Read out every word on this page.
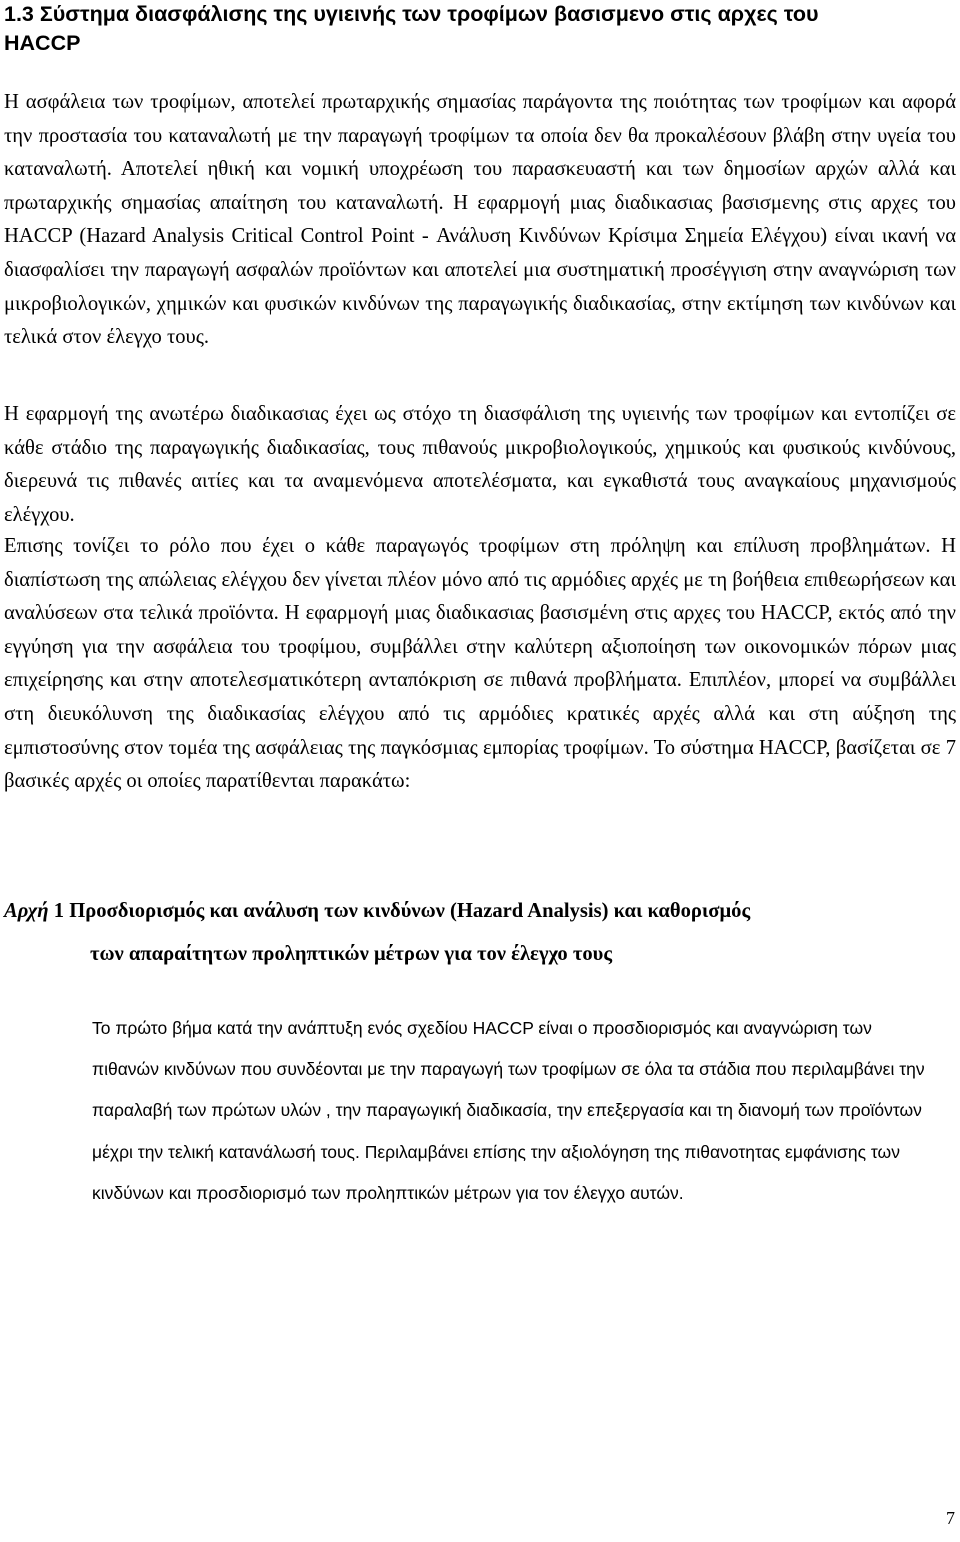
1.3 Σύστημα διασφάλισης της υγιεινής των τροφίμων βασισμενο στις αρχες του
HACCP

Η ασφάλεια των τροφίμων, αποτελεί πρωταρχικής σημασίας παράγοντα της ποιότητας των τροφίμων και αφορά την προστασία του καταναλωτή με την παραγωγή τροφίμων τα οποία δεν θα προκαλέσουν βλάβη στην υγεία του καταναλωτή. Αποτελεί ηθική και νομική υποχρέωση του παρασκευαστή και των δημοσίων αρχών αλλά και πρωταρχικής σημασίας απαίτηση του καταναλωτή. Η εφαρμογή μιας διαδικασιας βασισμενης στις αρχες του HACCP (Hazard Analysis Critical Control Point - Ανάλυση Κινδύνων Κρίσιμα Σημεία Ελέγχου) είναι ικανή να διασφαλίσει την παραγωγή ασφαλών προϊόντων και αποτελεί μια συστηματική προσέγγιση στην αναγνώριση των μικροβιολογικών, χημικών και φυσικών κινδύνων της παραγωγικής διαδικασίας, στην εκτίμηση των κινδύνων και τελικά στον έλεγχο τους.

Η εφαρμογή της ανωτέρω διαδικασιας έχει ως στόχο τη διασφάλιση της υγιεινής των τροφίμων και εντοπίζει σε κάθε στάδιο της παραγωγικής διαδικασίας, τους πιθανούς μικροβιολογικούς, χημικούς και φυσικούς κινδύνους, διερευνά τις πιθανές αιτίες και τα αναμενόμενα αποτελέσματα, και εγκαθιστά τους αναγκαίους μηχανισμούς ελέγχου.

Επισης τονίζει το ρόλο που έχει ο κάθε παραγωγός τροφίμων στη πρόληψη και επίλυση προβλημάτων. Η διαπίστωση της απώλειας ελέγχου δεν γίνεται πλέον μόνο από τις αρμόδιες αρχές με τη βοήθεια επιθεωρήσεων και αναλύσεων στα τελικά προϊόντα. Η εφαρμογή μιας διαδικασιας βασισμένη στις αρχες του HACCP, εκτός από την εγγύηση για την ασφάλεια του τροφίμου, συμβάλλει στην καλύτερη αξιοποίηση των οικονομικών πόρων μιας επιχείρησης και στην αποτελεσματικότερη ανταπόκριση σε πιθανά προβλήματα. Επιπλέον, μπορεί να συμβάλλει στη διευκόλυνση της διαδικασίας ελέγχου από τις αρμόδιες κρατικές αρχές αλλά και στη αύξηση της εμπιστοσύνης στον τομέα της ασφάλειας της παγκόσμιας εμπορίας τροφίμων. Το σύστημα HACCP, βασίζεται σε 7 βασικές αρχές οι οποίες παρατίθενται παρακάτω:

Αρχή 1 Προσδιορισμός και ανάλυση των κινδύνων (Hazard Analysis) και καθορισμός
των απαραίτητων προληπτικών μέτρων για τον έλεγχο τους

Το πρώτο βήμα κατά την ανάπτυξη ενός σχεδίου HACCP είναι ο προσδιορισμός και αναγνώριση των πιθανών κινδύνων που συνδέονται με την παραγωγή των τροφίμων σε όλα τα στάδια που περιλαμβάνει την παραλαβή των πρώτων υλών , την παραγωγική διαδικασία, την επεξεργασία και τη διανομή των προϊόντων μέχρι την τελική κατανάλωσή τους. Περιλαμβάνει επίσης την αξιολόγηση της πιθανοτητας εμφάνισης των κινδύνων και προσδιορισμό των προληπτικών μέτρων για τον έλεγχο αυτών.

7
